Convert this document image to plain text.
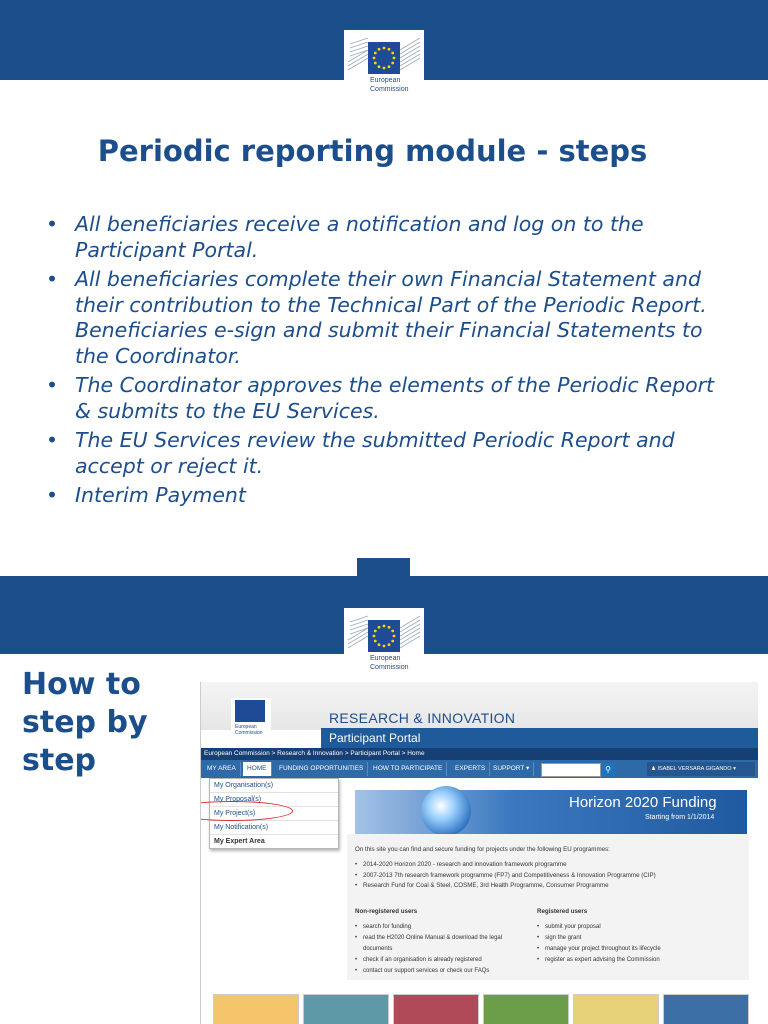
European
Commission
Periodic reporting module - steps
• All beneficiaries receive a notification and log on to the Participant Portal.
• All beneficiaries complete their own Financial Statement and their contribution to the Technical Part of the Periodic Report. Beneficiaries e-sign and submit their Financial Statements to the Coordinator.
• The Coordinator approves the elements of the Periodic Report & submits to the EU Services.
• The EU Services review the submitted Periodic Report and accept or reject it.
• Interim Payment
European
Commission
How to step by step
European
Commission
RESEARCH & INNOVATION
Participant Portal
European Commission > Research & Innovation > Participant Portal > Home
MY AREA	HOME	FUNDING OPPORTUNITIES	HOW TO PARTICIPATE	EXPERTS	SUPPORT ▾	⚲	♟ ISABEL VERSARA GIGANDO ▾
My Organisation(s)
My Proposal(s)
My Project(s)
My Notification(s)
My Expert Area
Horizon 2020 Funding
Starting from 1/1/2014
On this site you can find and secure funding for projects under the following EU programmes:
• 2014-2020 Horizon 2020 - research and innovation framework programme
• 2007-2013 7th research framework programme (FP7) and Competitiveness & Innovation Programme (CIP)
• Research Fund for Coal & Steel, COSME, 3rd Health Programme, Consumer Programme
Non-registered users	Registered users
• search for funding
• read the H2020 Online Manual & download the legal documents
• check if an organisation is already registered
• contact our support services or check our FAQs
• submit your proposal
• sign the grant
• manage your project throughout its lifecycle
• register as expert advising the Commission
